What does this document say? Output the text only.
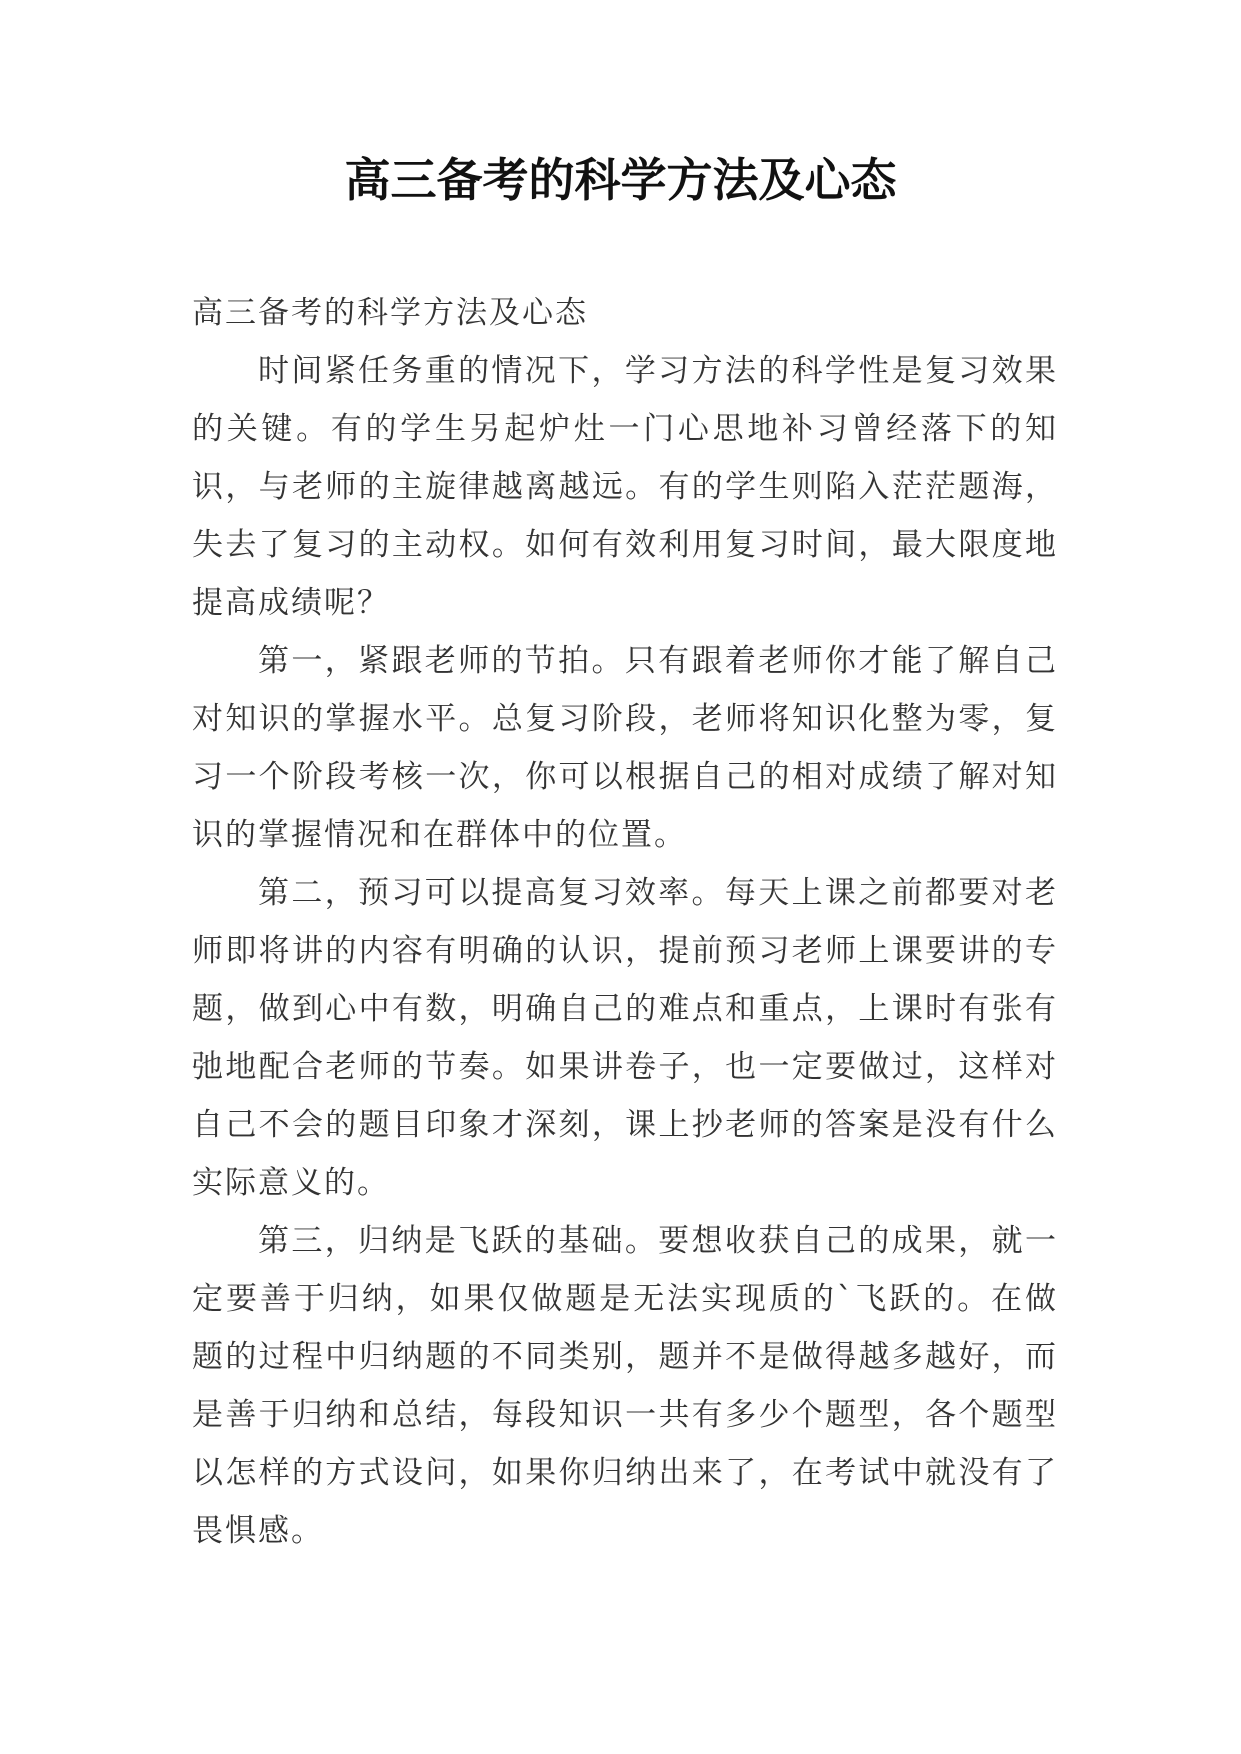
高三备考的科学方法及心态

高三备考的科学方法及心态

时间紧任务重的情况下，学习方法的科学性是复习效果的关键。有的学生另起炉灶一门心思地补习曾经落下的知识，与老师的主旋律越离越远。有的学生则陷入茫茫题海，失去了复习的主动权。如何有效利用复习时间，最大限度地提高成绩呢？

第一，紧跟老师的节拍。只有跟着老师你才能了解自己对知识的掌握水平。总复习阶段，老师将知识化整为零，复习一个阶段考核一次，你可以根据自己的相对成绩了解对知识的掌握情况和在群体中的位置。

第二，预习可以提高复习效率。每天上课之前都要对老师即将讲的内容有明确的认识，提前预习老师上课要讲的专题，做到心中有数，明确自己的难点和重点，上课时有张有弛地配合老师的节奏。如果讲卷子，也一定要做过，这样对自己不会的题目印象才深刻，课上抄老师的答案是没有什么实际意义的。

第三，归纳是飞跃的基础。要想收获自己的成果，就一定要善于归纳，如果仅做题是无法实现质的`飞跃的。在做题的过程中归纳题的不同类别，题并不是做得越多越好，而是善于归纳和总结，每段知识一共有多少个题型，各个题型以怎样的方式设问，如果你归纳出来了，在考试中就没有了畏惧感。
